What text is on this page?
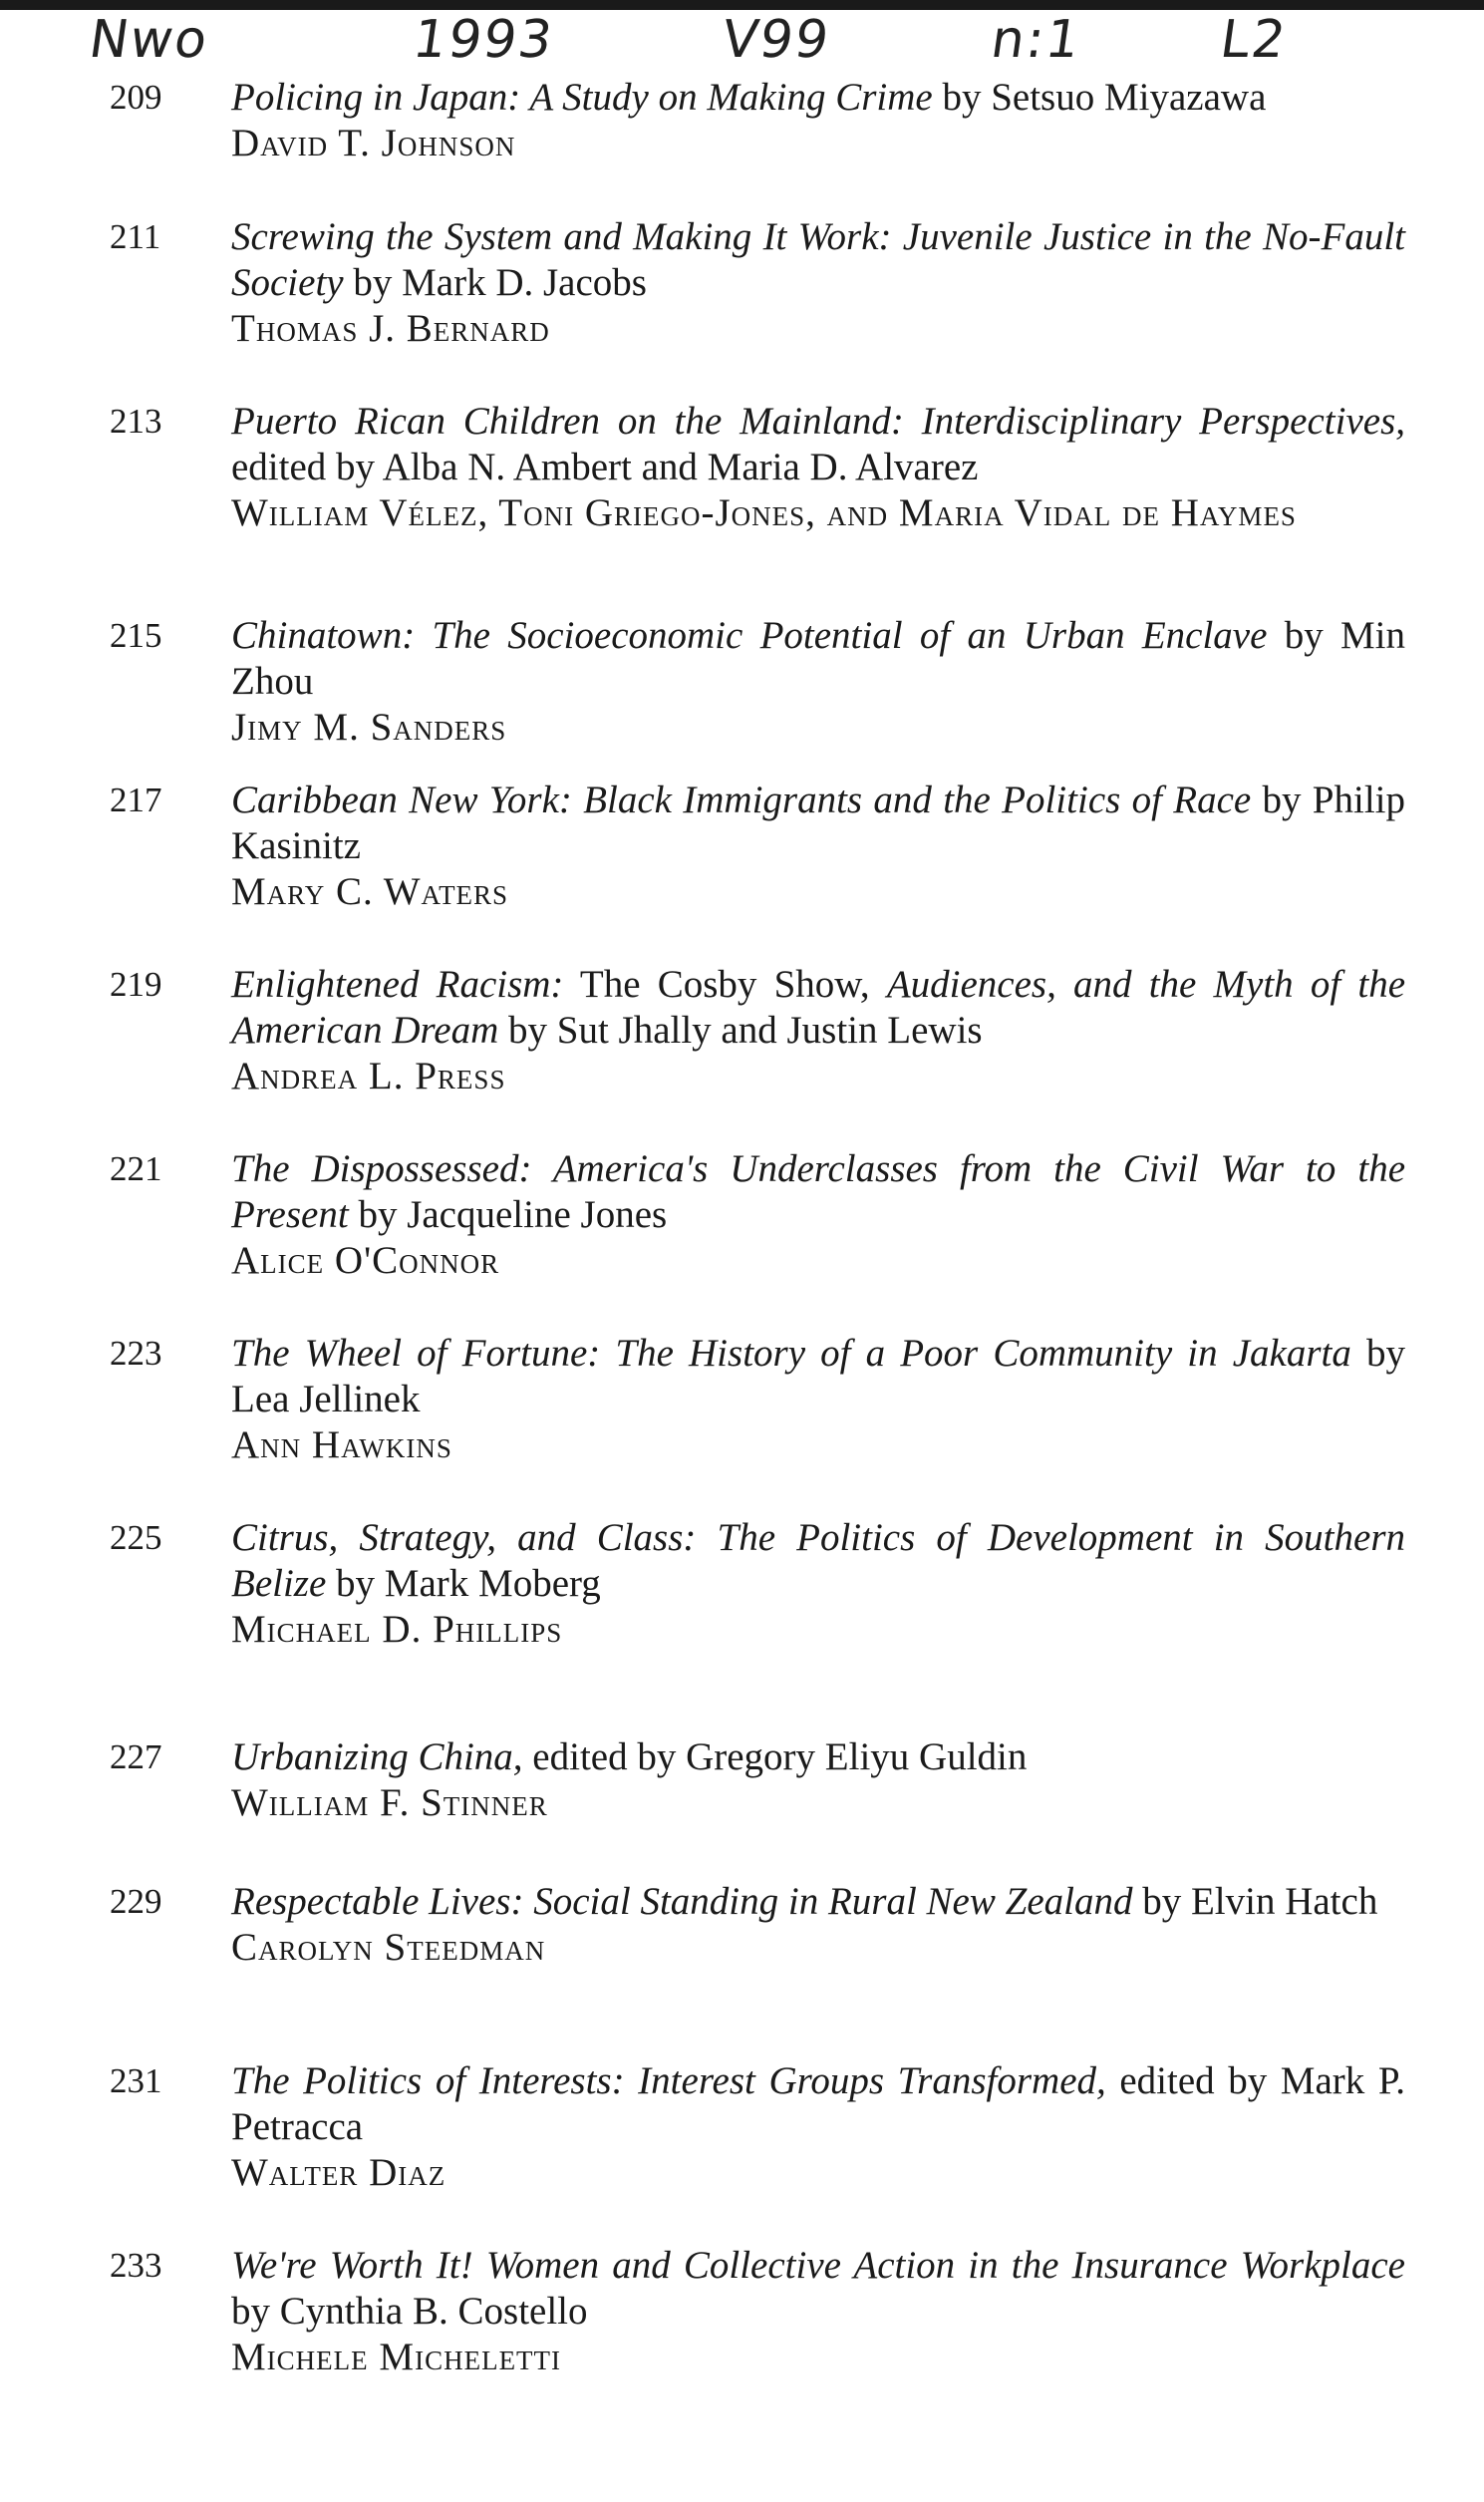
Nwo	1993	V99	n:1	L2
209 Policing in Japan: A Study on Making Crime by Setsuo Miyazawa
David T. Johnson
211 Screwing the System and Making It Work: Juvenile Justice in the No-Fault Society by Mark D. Jacobs
Thomas J. Bernard
213 Puerto Rican Children on the Mainland: Interdisciplinary Perspectives, edited by Alba N. Ambert and Maria D. Alvarez
William Vélez, Toni Griego-Jones, and Maria Vidal de Haymes
215 Chinatown: The Socioeconomic Potential of an Urban Enclave by Min Zhou
Jimy M. Sanders
217 Caribbean New York: Black Immigrants and the Politics of Race by Philip Kasinitz
Mary C. Waters
219 Enlightened Racism: The Cosby Show, Audiences, and the Myth of the American Dream by Sut Jhally and Justin Lewis
Andrea L. Press
221 The Dispossessed: America's Underclasses from the Civil War to the Present by Jacqueline Jones
Alice O'Connor
223 The Wheel of Fortune: The History of a Poor Community in Jakarta by Lea Jellinek
Ann Hawkins
225 Citrus, Strategy, and Class: The Politics of Development in Southern Belize by Mark Moberg
Michael D. Phillips
227 Urbanizing China, edited by Gregory Eliyu Guldin
William F. Stinner
229 Respectable Lives: Social Standing in Rural New Zealand by Elvin Hatch
Carolyn Steedman
231 The Politics of Interests: Interest Groups Transformed, edited by Mark P. Petracca
Walter Diaz
233 We're Worth It! Women and Collective Action in the Insurance Workplace by Cynthia B. Costello
Michele Micheletti
